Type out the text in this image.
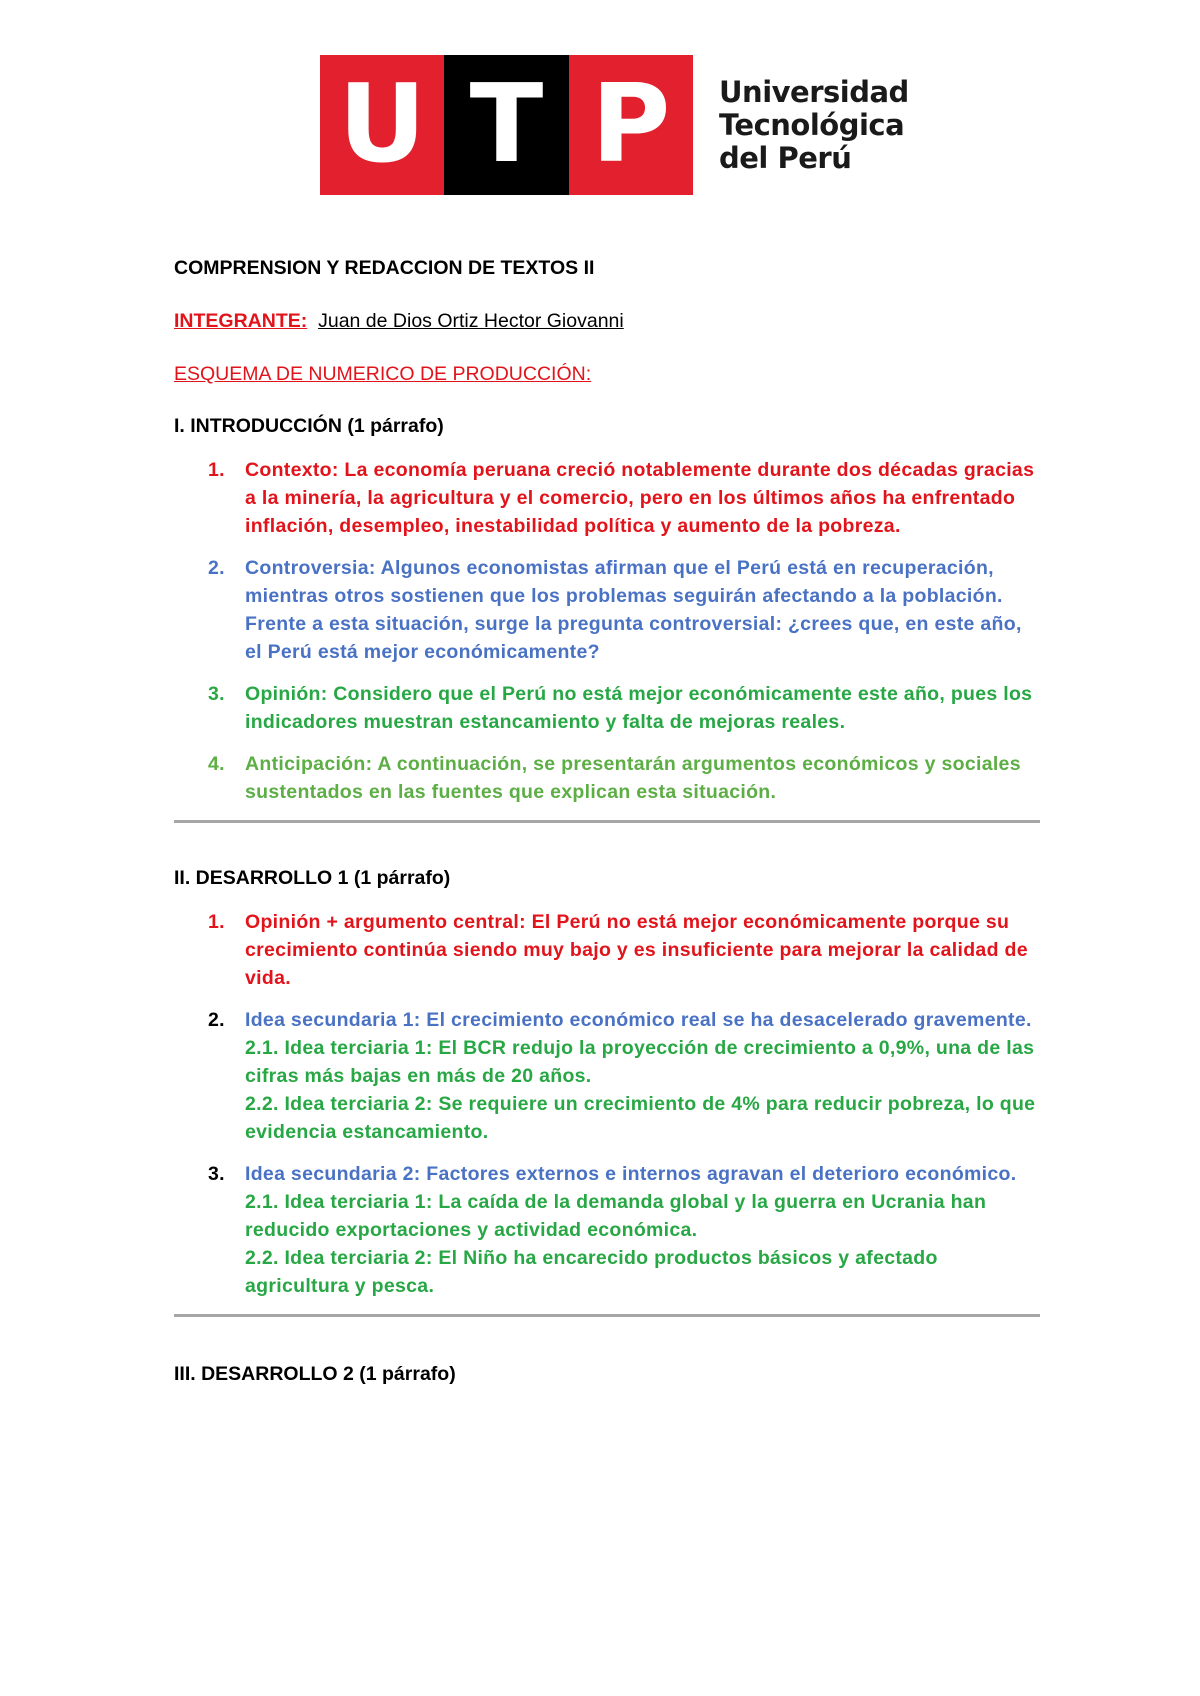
U T P Universidad
Tecnológica
del Perú
COMPRENSION Y REDACCION DE TEXTOS II
INTEGRANTE: Juan de Dios Ortiz Hector Giovanni
ESQUEMA DE NUMERICO DE PRODUCCIÓN:
I. INTRODUCCIÓN (1 párrafo)
1.	Contexto: La economía peruana creció notablemente durante dos décadas gracias a la minería, la agricultura y el comercio, pero en los últimos años ha enfrentado inflación, desempleo, inestabilidad política y aumento de la pobreza.
2.	Controversia: Algunos economistas afirman que el Perú está en recuperación, mientras otros sostienen que los problemas seguirán afectando a la población. Frente a esta situación, surge la pregunta controversial: ¿crees que, en este año, el Perú está mejor económicamente?
3.	Opinión: Considero que el Perú no está mejor económicamente este año, pues los indicadores muestran estancamiento y falta de mejoras reales.
4.	Anticipación: A continuación, se presentarán argumentos económicos y sociales sustentados en las fuentes que explican esta situación.
II. DESARROLLO 1 (1 párrafo)
1.	Opinión + argumento central: El Perú no está mejor económicamente porque su crecimiento continúa siendo muy bajo y es insuficiente para mejorar la calidad de vida.
2.	Idea secundaria 1: El crecimiento económico real se ha desacelerado gravemente.
2.1. Idea terciaria 1: El BCR redujo la proyección de crecimiento a 0,9%, una de las cifras más bajas en más de 20 años.
2.2. Idea terciaria 2: Se requiere un crecimiento de 4% para reducir pobreza, lo que evidencia estancamiento.
3.	Idea secundaria 2: Factores externos e internos agravan el deterioro económico.
2.1. Idea terciaria 1: La caída de la demanda global y la guerra en Ucrania han reducido exportaciones y actividad económica.
2.2. Idea terciaria 2: El Niño ha encarecido productos básicos y afectado agricultura y pesca.
III. DESARROLLO 2 (1 párrafo)
